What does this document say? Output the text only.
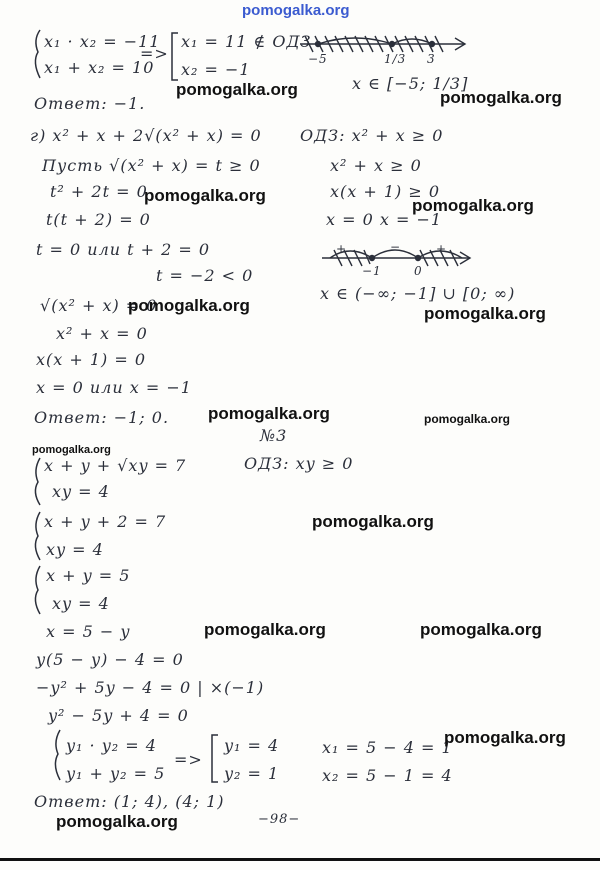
pomogalka.org
x₁ · x₂ = −11
x₁ + x₂ = 10
=>
x₁ = 11 ∉ ОДЗ
x₂ = −1
−5	1/3 3
x ∈ [−5; 1/3]
Ответ: −1.
pomogalka.org	pomogalka.org
г) x² + x + 2√(x² + x) = 0 ОДЗ: x² + x ≥ 0
Пусть √(x² + x) = t ≥ 0	x² + x ≥ 0
t² + 2t = 0	x(x + 1) ≥ 0
t(t + 2) = 0	x = 0 x = −1
t = 0 или t + 2 = 0	+	−	+
−1	0
t = −2 < 0
x ∈ (−∞; −1] ∪ [0; ∞)
√(x² + x) = 0
x² + x = 0
x(x + 1) = 0
x = 0 или x = −1
Ответ: −1; 0.
pomogalka.org
pomogalka.org
pomogalka.org	pomogalka.org
pomogalka.org	pomogalka.org
№3
pomogalka.org
ОДЗ: xy ≥ 0
x + y + √xy = 7
xy = 4
x + y + 2 = 7
xy = 4
x + y = 5
xy = 4
x = 5 − y
y(5 − y) − 4 = 0
−y² + 5y − 4 = 0 | ×(−1)
y² − 5y + 4 = 0
y₁ · y₂ = 4
y₁ + y₂ = 5
=>
y₁ = 4
y₂ = 1
x₁ = 5 − 4 = 1
x₂ = 5 − 1 = 4
Ответ: (1; 4), (4; 1)
−98−
pomogalka.org
pomogalka.org	pomogalka.org
pomogalka.org
pomogalka.org
